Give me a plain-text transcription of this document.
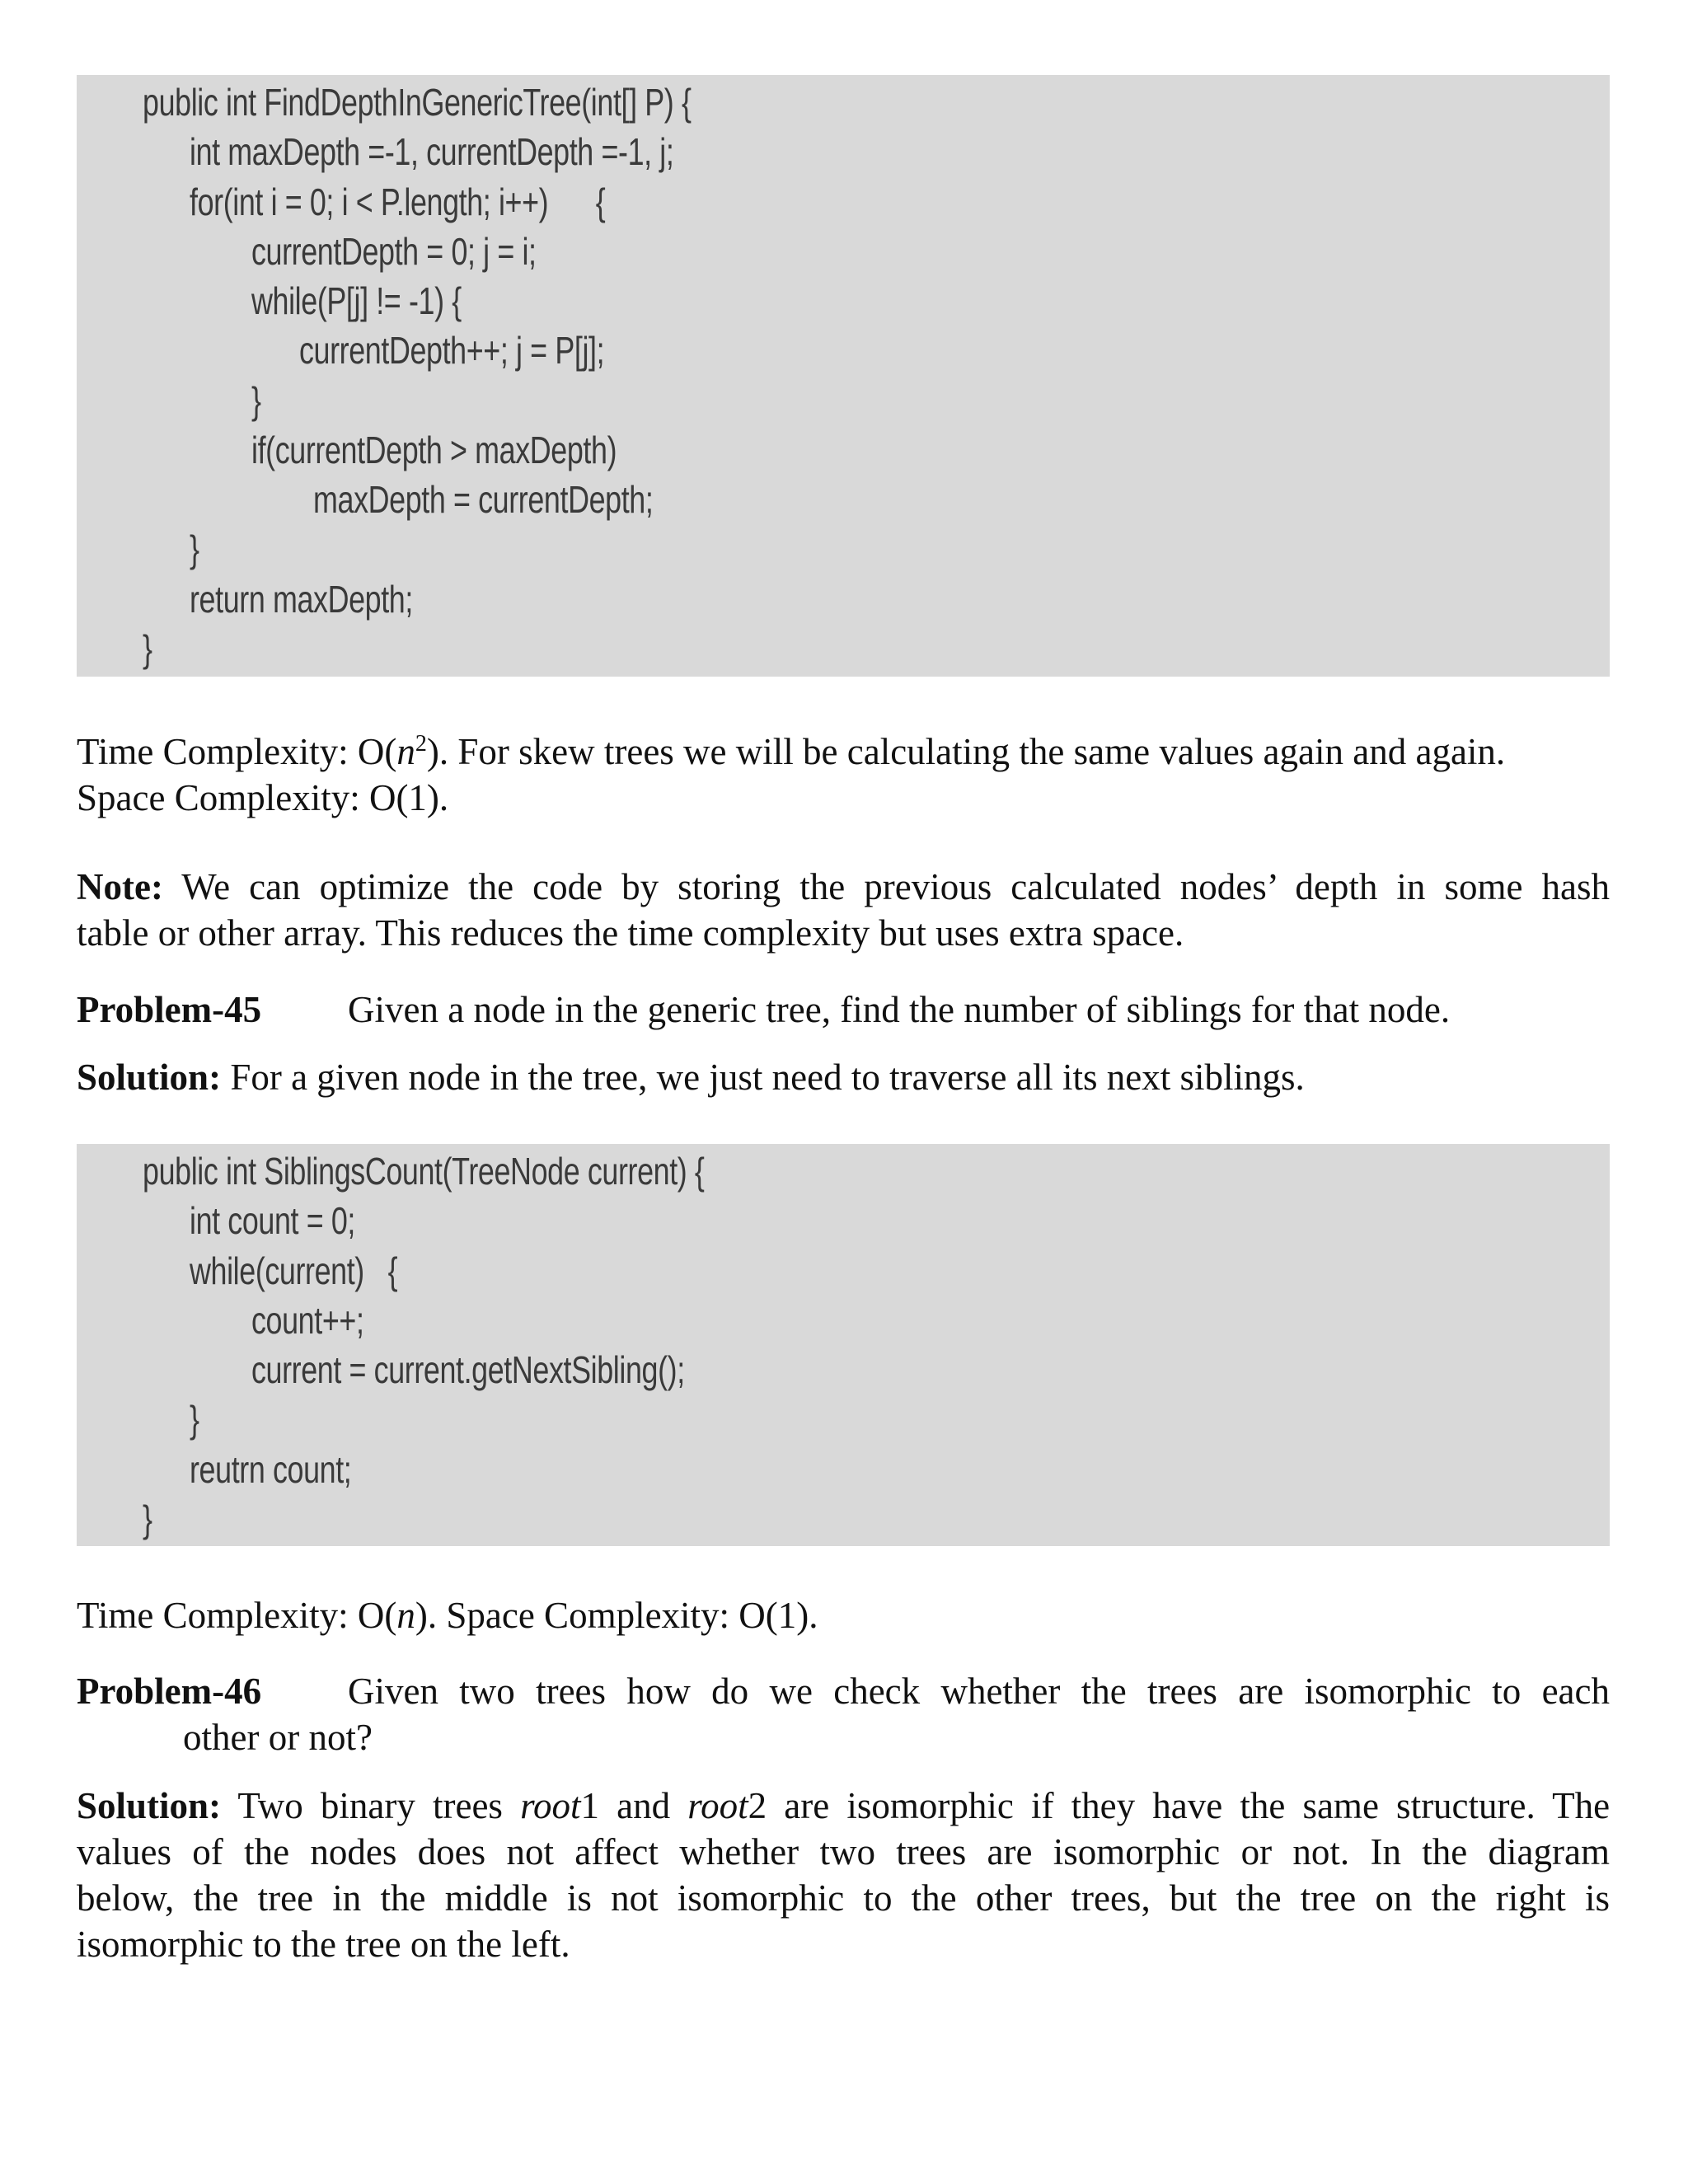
public int FindDepthInGenericTree(int[] P) {
int maxDepth =-1, currentDepth =-1, j;
for(int i = 0; i < P.length; i++)      {
currentDepth = 0; j = i;
while(P[j] != -1) {
currentDepth++; j = P[j];
}
if(currentDepth > maxDepth)
maxDepth = currentDepth;
}
return maxDepth;
}
Time Complexity: $O(n^2)$. For skew trees we will be calculating the same values again and again.
Space Complexity: O(1).
Note: We can optimize the code by storing the previous calculated nodes’ depth in some hash
table or other array. This reduces the time complexity but uses extra space.
Problem-45 Given a node in the generic tree, find the number of siblings for that node.
Solution: For a given node in the tree, we just need to traverse all its next siblings.
public int SiblingsCount(TreeNode current) {
int count = 0;
while(current)   {
count++;
current = current.getNextSibling();
}
reutrn count;
}
Time Complexity: O(n). Space Complexity: O(1).
Problem-46 Given two trees how do we check whether the trees are isomorphic to each
other or not?
Solution: Two binary trees root1 and root2 are isomorphic if they have the same structure. The
values of the nodes does not affect whether two trees are isomorphic or not. In the diagram
below, the tree in the middle is not isomorphic to the other trees, but the tree on the right is
isomorphic to the tree on the left.
